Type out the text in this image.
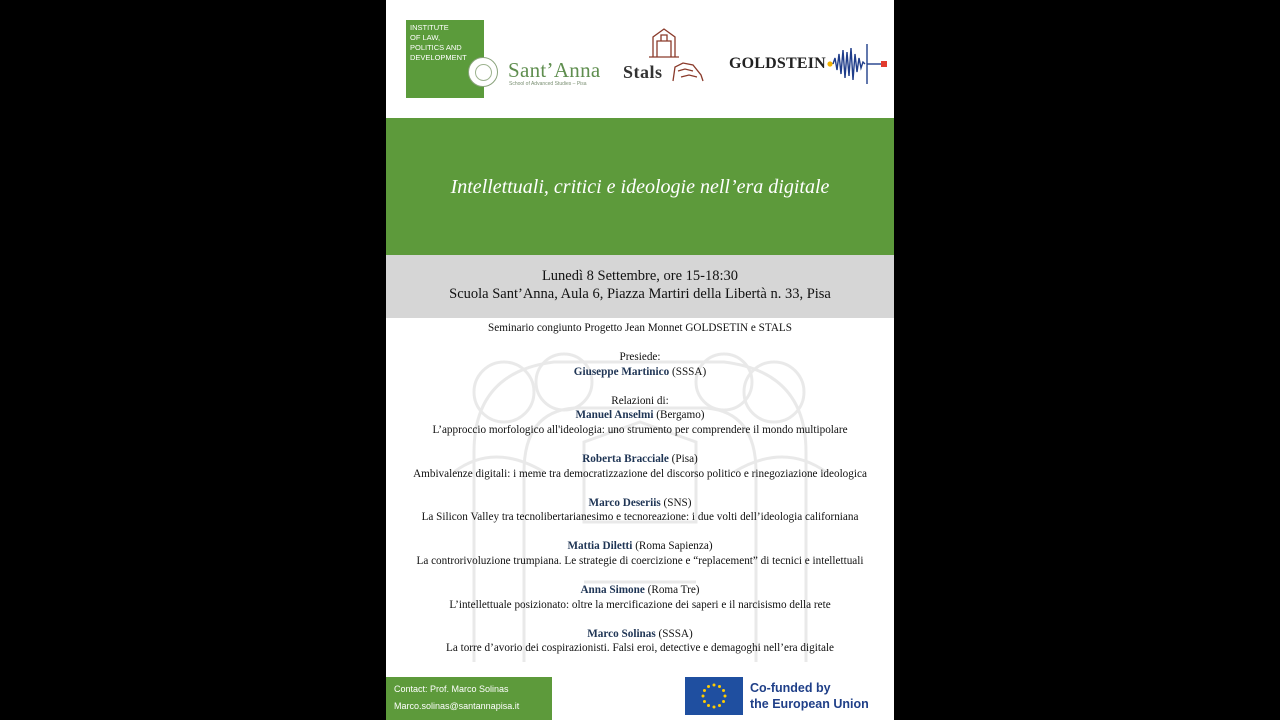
INSTITUTE
OF LAW,
POLITICS AND
DEVELOPMENT
Sant’Anna
School of Advanced Studies – Pisa
Stals	GOLDSTEIN
Intellettuali, critici e ideologie nell’era digitale
Lunedì 8 Settembre, ore 15-18:30
Scuola Sant’Anna, Aula 6, Piazza Martiri della Libertà n. 33, Pisa
Seminario congiunto Progetto Jean Monnet GOLDSETIN e STALS
Presiede:
Giuseppe Martinico (SSSA)
Relazioni di:
Manuel Anselmi (Bergamo)
L’approccio morfologico all'ideologia: uno strumento per comprendere il mondo multipolare
Roberta Bracciale (Pisa)
Ambivalenze digitali: i meme tra democratizzazione del discorso politico e rinegoziazione ideologica
Marco Deseriis (SNS)
La Silicon Valley tra tecnolibertarianesimo e tecnoreazione: i due volti dell’ideologia californiana
Mattia Diletti (Roma Sapienza)
La controrivoluzione trumpiana. Le strategie di coercizione e “replacement” di tecnici e intellettuali
Anna Simone (Roma Tre)
L’intellettuale posizionato: oltre la mercificazione dei saperi e il narcisismo della rete
Marco Solinas (SSSA)
La torre d’avorio dei cospirazionisti. Falsi eroi, detective e demagoghi nell’era digitale
Contact: Prof. Marco Solinas
Marco.solinas@santannapisa.it
Co-funded by
the European Union
